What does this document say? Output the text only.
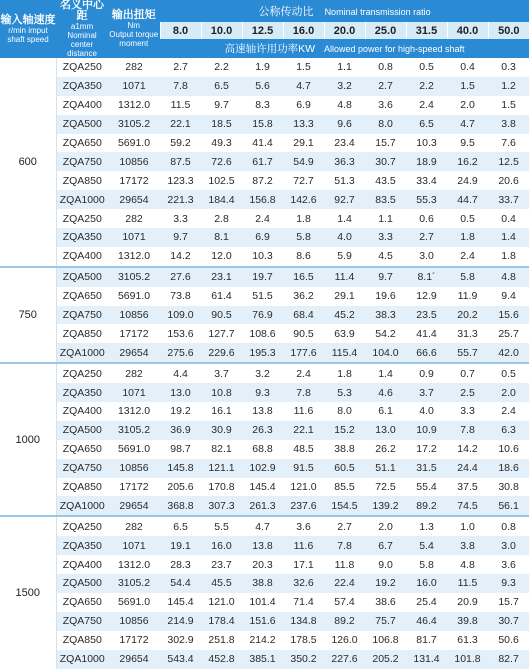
输入轴速度
r/min imput shaft speed	名义中心距
a1mm
Nominal center distance	输出扭矩
Nm
Output torque moment	公称传动比 Nominal transmission ratio								
			8.0	10.0	12.5	16.0	20.0	25.0	31.5	40.0	50.0
			高速轴许用功率KW Allowed power for high-speed shaft								
600	ZQA250	282	2.7	2.2	1.9	1.5	1.1	0.8	0.5	0.4	0.3
	ZQA350	1071	7.8	6.5	5.6	4.7	3.2	2.7	2.2	1.5	1.2
	ZQA400	1312.0	11.5	9.7	8.3	6.9	4.8	3.6	2.4	2.0	1.5
	ZQA500	3105.2	22.1	18.5	15.8	13.3	9.6	8.0	6.5	4.7	3.8
	ZQA650	5691.0	59.2	49.3	41.4	29.1	23.4	15.7	10.3	9.5	7.6
	ZQA750	10856	87.5	72.6	61.7	54.9	36.3	30.7	18.9	16.2	12.5
	ZQA850	17172	123.3	102.5	87.2	72.7	51.3	43.5	33.4	24.9	20.6
	ZQA1000	29654	221.3	184.4	156.8	142.6	92.7	83.5	55.3	44.7	33.7
	ZQA250	282	3.3	2.8	2.4	1.8	1.4	1.1	0.6	0.5	0.4
	ZQA350	1071	9.7	8.1	6.9	5.8	4.0	3.3	2.7	1.8	1.4
	ZQA400	1312.0	14.2	12.0	10.3	8.6	5.9	4.5	3.0	2.4	1.8
750	ZQA500	3105.2	27.6	23.1	19.7	16.5	11.4	9.7	8.1´	5.8	4.8
	ZQA650	5691.0	73.8	61.4	51.5	36.2	29.1	19.6	12.9	11.9	9.4
	ZQA750	10856	109.0	90.5	76.9	68.4	45.2	38.3	23.5	20.2	15.6
	ZQA850	17172	153.6	127.7	108.6	90.5	63.9	54.2	41.4	31.3	25.7
	ZQA1000	29654	275.6	229.6	195.3	177.6	115.4	104.0	66.6	55.7	42.0
1000	ZQA250	282	4.4	3.7	3.2	2.4	1.8	1.4	0.9	0.7	0.5
	ZQA350	1071	13.0	10.8	9.3	7.8	5.3	4.6	3.7	2.5	2.0
	ZQA400	1312.0	19.2	16.1	13.8	11.6	8.0	6.1	4.0	3.3	2.4
	ZQA500	3105.2	36.9	30.9	26.3	22.1	15.2	13.0	10.9	7.8	6.3
	ZQA650	5691.0	98.7	82.1	68.8	48.5	38.8	26.2	17.2	14.2	10.6
	ZQA750	10856	145.8	121.1	102.9	91.5	60.5	51.1	31.5	24.4	18.6
	ZQA850	17172	205.6	170.8	145.4	121.0	85.5	72.5	55.4	37.5	30.8
	ZQA1000	29654	368.8	307.3	261.3	237.6	154.5	139.2	89.2	74.5	56.1
1500	ZQA250	282	6.5	5.5	4.7	3.6	2.7	2.0	1.3	1.0	0.8
	ZQA350	1071	19.1	16.0	13.8	11.6	7.8	6.7	5.4	3.8	3.0
	ZQA400	1312.0	28.3	23.7	20.3	17.1	11.8	9.0	5.8	4.8	3.6
	ZQA500	3105.2	54.4	45.5	38.8	32.6	22.4	19.2	16.0	11.5	9.3
	ZQA650	5691.0	145.4	121.0	101.4	71.4	57.4	38.6	25.4	20.9	15.7
	ZQA750	10856	214.9	178.4	151.6	134.8	89.2	75.7	46.4	39.8	30.7
	ZQA850	17172	302.9	251.8	214.2	178.5	126.0	106.8	81.7	61.3	50.6
	ZQA1000	29654	543.4	452.8	385.1	350.2	227.6	205.2	131.4	101.8	82.7
